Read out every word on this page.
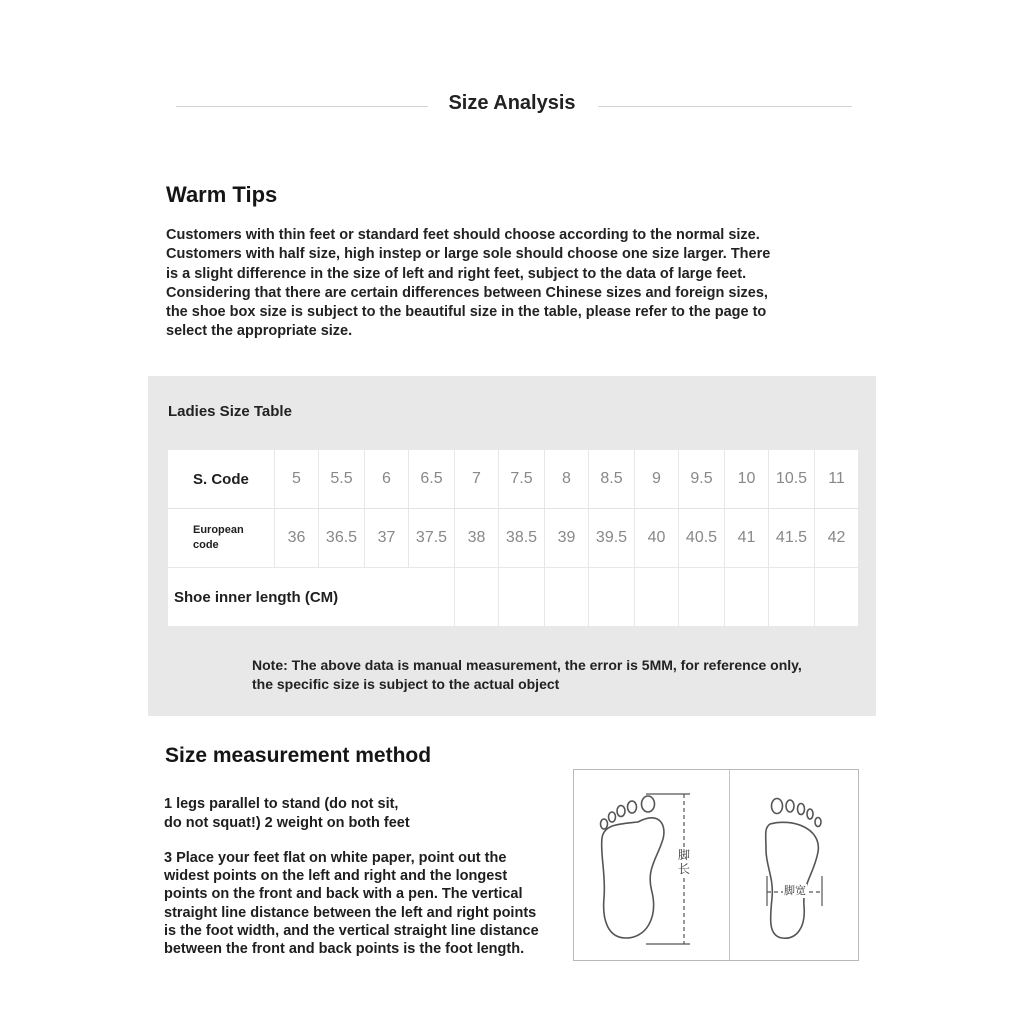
Size Analysis
Warm Tips
Customers with thin feet or standard feet should choose according to the normal size.
Customers with half size, high instep or large sole should choose one size larger. There
is a slight difference in the size of left and right feet, subject to the data of large feet.
Considering that there are certain differences between Chinese sizes and foreign sizes,
the shoe box size is subject to the beautiful size in the table, please refer to the page to
select the appropriate size.
Ladies Size Table
S. Code	5	5.5	6	6.5	7	7.5	8	8.5	9	9.5	10	10.5	11

European
code	36	36.5	37	37.5	38	38.5	39	39.5	40	40.5	41	41.5	42
Shoe inner length (CM)													
Note: The above data is manual measurement, the error is 5MM, for reference only,
the specific size is subject to the actual object
Size measurement method
1 legs parallel to stand (do not sit,
do not squat!) 2 weight on both feet
3 Place your feet flat on white paper, point out the
widest points on the left and right and the longest
points on the front and back with a pen. The vertical
straight line distance between the left and right points
is the foot width, and the vertical straight line distance
between the front and back points is the foot length.
脚长
脚宽
